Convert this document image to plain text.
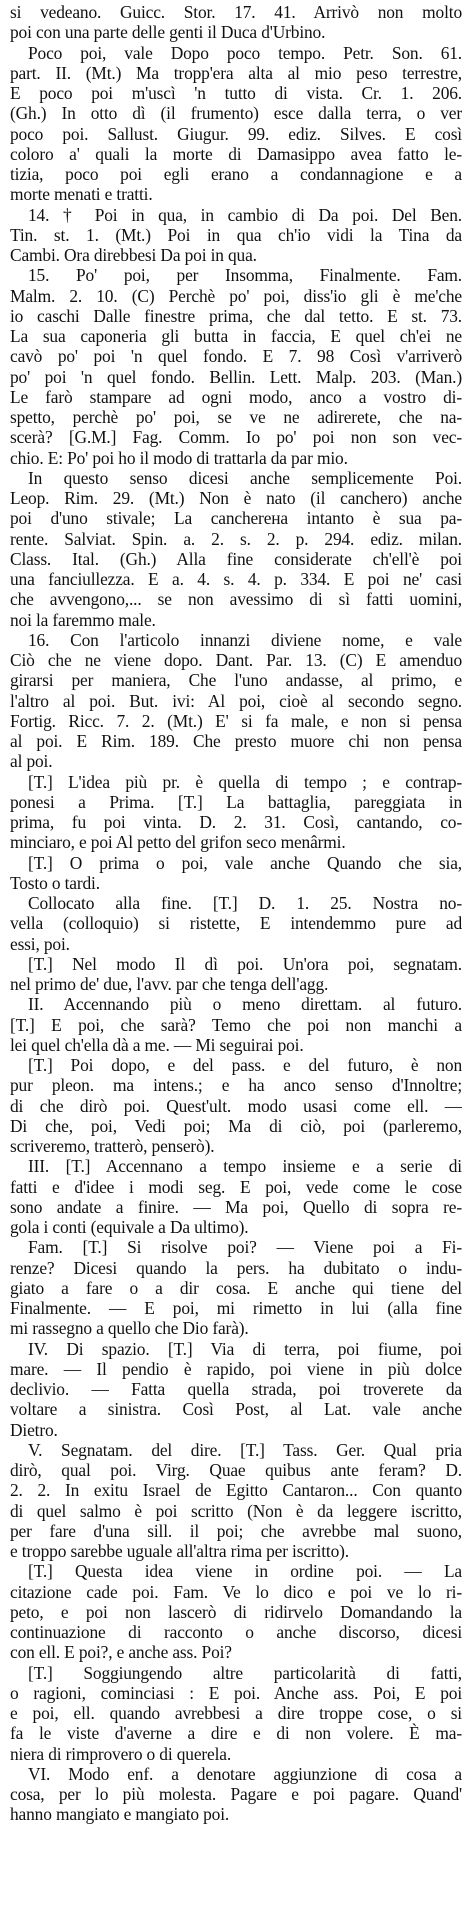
si vedeano. Guicc. Stor. 17. 41. Arrivò non molto
poi con una parte delle genti il Duca d'Urbino.
Poco poi, vale Dopo poco tempo. Petr. Son. 61.
part. II. (Mt.) Ma tropp'era alta al mio peso terrestre,
E poco poi m'uscì 'n tutto di vista. Cr. 1. 206.
(Gh.) In otto dì (il frumento) esce dalla terra, o ver
poco poi. Sallust. Giugur. 99. ediz. Silves. E così
coloro a' quali la morte di Damasippo avea fatto le-
tizia, poco poi egli erano a condannagione e a
morte menati e tratti.
14. † Poi in qua, in cambio di Da poi. Del Ben.
Tin. st. 1. (Mt.) Poi in qua ch'io vidi la Tina da
Cambi. Ora direbbesi Da poi in qua.
15. Po' poi, per Insomma, Finalmente. Fam.
Malm. 2. 10. (C) Perchè po' poi, diss'io gli è me'che
io caschi Dalle finestre prima, che dal tetto. E st. 73.
La sua caponeria gli butta in faccia, E quel ch'ei ne
cavò po' poi 'n quel fondo. E 7. 98 Così v'arriverò
po' poi 'n quel fondo. Bellin. Lett. Malp. 203. (Man.)
Le farò stampare ad ogni modo, anco a vostro di-
spetto, perchè po' poi, se ve ne adirerete, che na-
scerà? [G.M.] Fag. Comm. Io po' poi non son vec-
chio. E: Po' poi ho il modo di trattarla da par mio.
In questo senso dicesi anche semplicemente Poi.
Leop. Rim. 29. (Mt.) Non è nato (il canchero) anche
poi d'uno stivale; La canchereна intanto è sua pa-
rente. Salviat. Spin. a. 2. s. 2. p. 294. ediz. milan.
Class. Ital. (Gh.) Alla fine considerate ch'ell'è poi
una fanciullezza. E a. 4. s. 4. p. 334. E poi ne' casi
che avvengono,... se non avessimo di sì fatti uomini,
noi la faremmo male.
16. Con l'articolo innanzi diviene nome, e vale
Ciò che ne viene dopo. Dant. Par. 13. (C) E amenduo
girarsi per maniera, Che l'uno andasse, al primo, e
l'altro al poi. But. ivi: Al poi, cioè al secondo segno.
Fortig. Ricc. 7. 2. (Mt.) E' si fa male, e non si pensa
al poi. E Rim. 189. Che presto muore chi non pensa
al poi.
[T.] L'idea più pr. è quella di tempo ; e contrap-
ponesi a Prima. [T.] La battaglia, pareggiata in
prima, fu poi vinta. D. 2. 31. Così, cantando, co-
minciaro, e poi Al petto del grifon seco menârmi.
[T.] O prima o poi, vale anche Quando che sia,
Tosto o tardi.
Collocato alla fine. [T.] D. 1. 25. Nostra no-
vella (colloquio) si ristette, E intendemmo pure ad
essi, poi.
[T.] Nel modo Il dì poi. Un'ora poi, segnatam.
nel primo de' due, l'avv. par che tenga dell'agg.
II. Accennando più o meno direttam. al futuro.
[T.] E poi, che sarà? Temo che poi non manchi a
lei quel ch'ella dà a me. — Mi seguirai poi.
[T.] Poi dopo, e del pass. e del futuro, è non
pur pleon. ma intens.; e ha anco senso d'Innoltre;
di che dirò poi. Quest'ult. modo usasi come ell. —
Di che, poi, Vedi poi; Ma di ciò, poi (parleremo,
scriveremo, tratterò, penserò).
III. [T.] Accennano a tempo insieme e a serie di
fatti e d'idee i modi seg. E poi, vede come le cose
sono andate a finire. — Ma poi, Quello di sopra re-
gola i conti (equivale a Da ultimo).
Fam. [T.] Si risolve poi? — Viene poi a Fi-
renze? Dicesi quando la pers. ha dubitato o indu-
giato a fare o a dir cosa. E anche qui tiene del
Finalmente. — E poi, mi rimetto in lui (alla fine
mi rassegno a quello che Dio farà).
IV. Di spazio. [T.] Via di terra, poi fiume, poi
mare. — Il pendio è rapido, poi viene in più dolce
declivio. — Fatta quella strada, poi troverete da
voltare a sinistra. Così Post, al Lat. vale anche
Dietro.
V. Segnatam. del dire. [T.] Tass. Ger. Qual pria
dirò, qual poi. Virg. Quae quibus ante feram? D.
2. 2. In exitu Israel de Egitto Cantaron... Con quanto
di quel salmo è poi scritto (Non è da leggere iscritto,
per fare d'una sill. il poi; che avrebbe mal suono,
e troppo sarebbe uguale all'altra rima per iscritto).
[T.] Questa idea viene in ordine poi. — La
citazione cade poi. Fam. Ve lo dico e poi ve lo ri-
peto, e poi non lascerò di ridirvelo Domandando la
continuazione di racconto o anche discorso, dicesi
con ell. E poi?, e anche ass. Poi?
[T.] Soggiungendo altre particolarità di fatti,
o ragioni, cominciasi : E poi. Anche ass. Poi, E poi
e poi, ell. quando avrebbesi a dire troppe cose, o si
fa le viste d'averne a dire e di non volere. È ma-
niera di rimprovero o di querela.
VI. Modo enf. a denotare aggiunzione di cosa a
cosa, per lo più molesta. Pagare e poi pagare. Quand'
hanno mangiato e mangiato poi.
